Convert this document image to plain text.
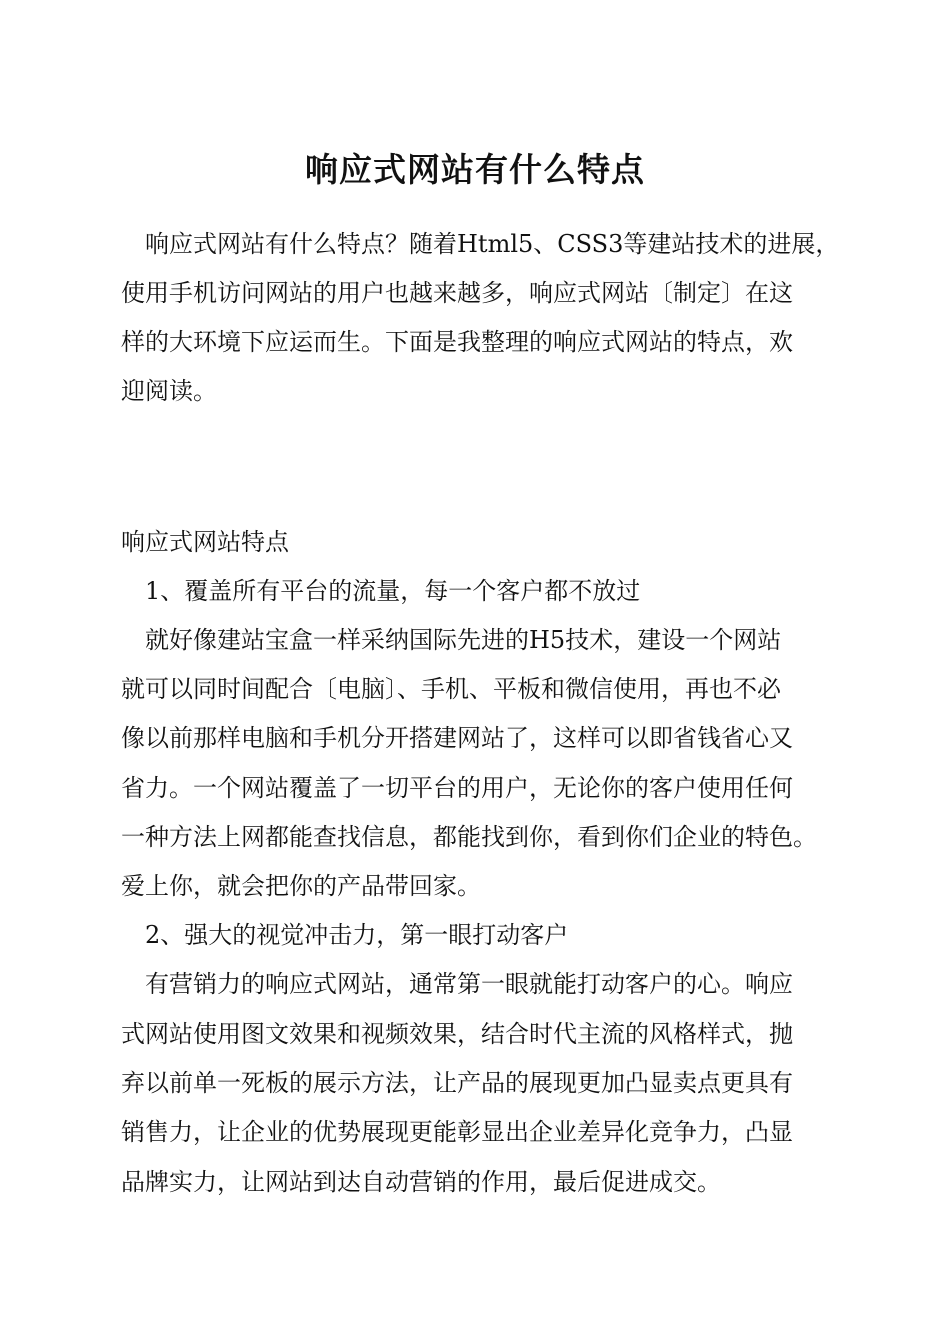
响应式网站有什么特点

响应式网站有什么特点？随着Html5、CSS3等建站技术的进展，

使用手机访问网站的用户也越来越多，响应式网站〔制定〕在这

样的大环境下应运而生。下面是我整理的响应式网站的特点，欢

迎阅读。

响应式网站特点

1、覆盖所有平台的流量，每一个客户都不放过

就好像建站宝盒一样采纳国际先进的H5技术，建设一个网站

就可以同时间配合〔电脑〕、手机、平板和微信使用，再也不必

像以前那样电脑和手机分开搭建网站了，这样可以即省钱省心又

省力。一个网站覆盖了一切平台的用户，无论你的客户使用任何

一种方法上网都能查找信息，都能找到你，看到你们企业的特色。

爱上你，就会把你的产品带回家。

2、强大的视觉冲击力，第一眼打动客户

有营销力的响应式网站，通常第一眼就能打动客户的心。响应

式网站使用图文效果和视频效果，结合时代主流的风格样式，抛

弃以前单一死板的展示方法，让产品的展现更加凸显卖点更具有

销售力，让企业的优势展现更能彰显出企业差异化竞争力，凸显

品牌实力，让网站到达自动营销的作用，最后促进成交。
